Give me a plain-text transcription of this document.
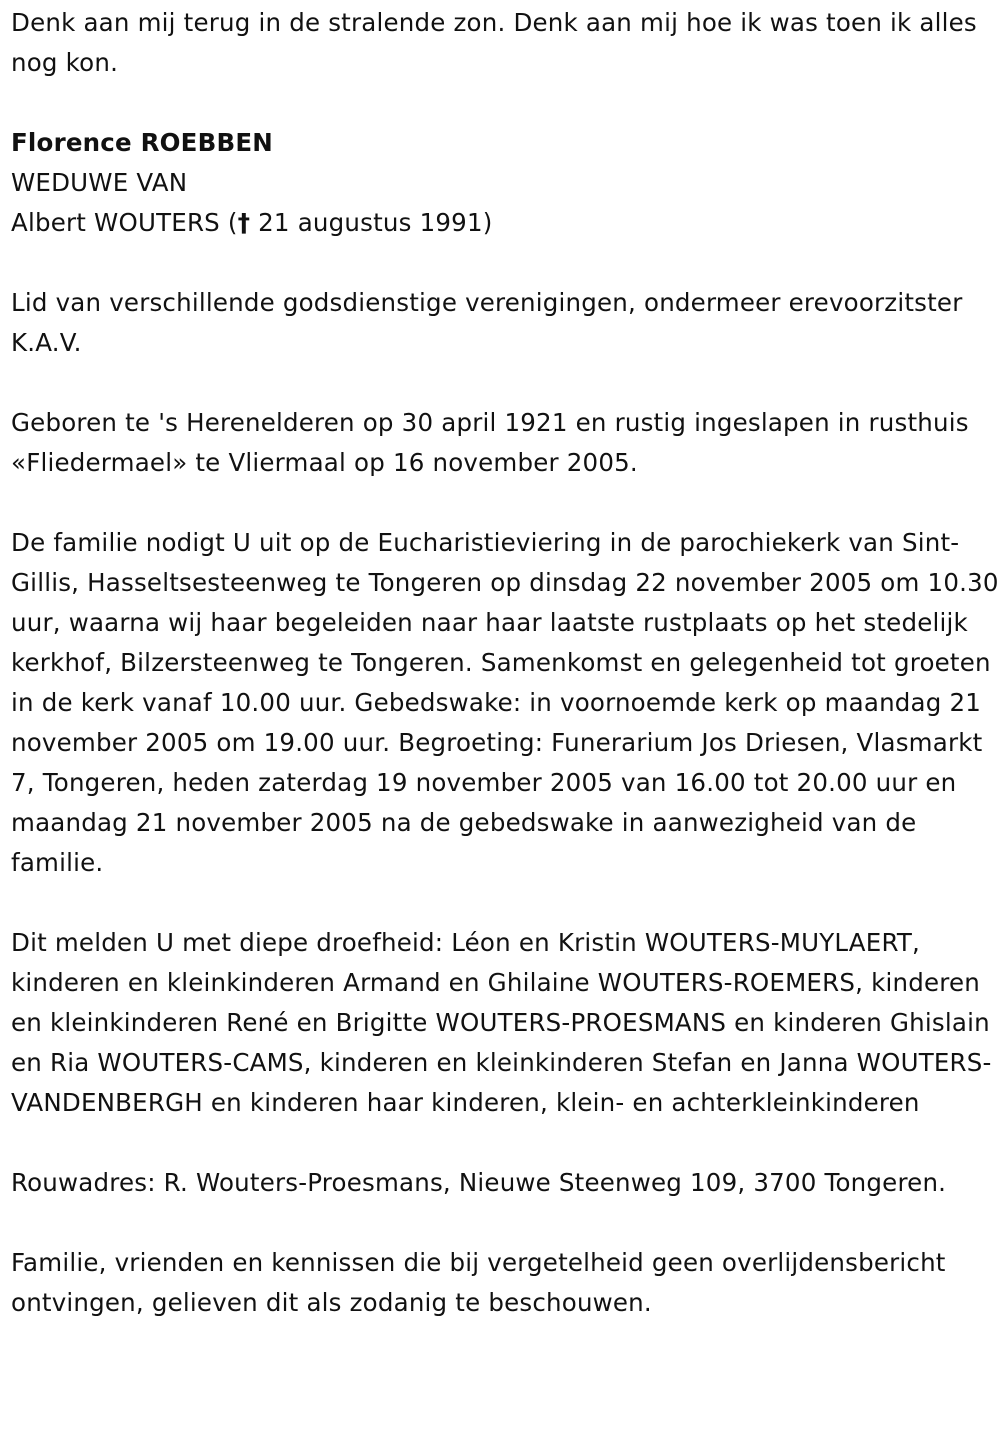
Denk aan mij terug in de stralende zon. Denk aan mij hoe ik was toen ik alles nog kon.

Florence ROEBBEN

WEDUWE VAN

Albert WOUTERS († 21 augustus 1991)

Lid van verschillende godsdienstige verenigingen, ondermeer erevoorzitster K.A.V.

Geboren te 's Herenelderen op 30 april 1921 en rustig ingeslapen in rusthuis «Fliedermael» te Vliermaal op 16 november 2005.

De familie nodigt U uit op de Eucharistieviering in de parochiekerk van Sint-Gillis, Hasseltsesteenweg te Tongeren op dinsdag 22 november 2005 om 10.30 uur, waarna wij haar begeleiden naar haar laatste rustplaats op het stedelijk kerkhof, Bilzersteenweg te Tongeren. Samenkomst en gelegenheid tot groeten in de kerk vanaf 10.00 uur. Gebedswake: in voornoemde kerk op maandag 21 november 2005 om 19.00 uur. Begroeting: Funerarium Jos Driesen, Vlasmarkt 7, Tongeren, heden zaterdag 19 november 2005 van 16.00 tot 20.00 uur en maandag 21 november 2005 na de gebedswake in aanwezigheid van de familie.

Dit melden U met diepe droefheid: Léon en Kristin WOUTERS-MUYLAERT, kinderen en kleinkinderen Armand en Ghilaine WOUTERS-ROEMERS, kinderen en kleinkinderen René en Brigitte WOUTERS-PROESMANS en kinderen Ghislain en Ria WOUTERS-CAMS, kinderen en kleinkinderen Stefan en Janna WOUTERS-VANDENBERGH en kinderen haar kinderen, klein- en achterkleinkinderen

Rouwadres: R. Wouters-Proesmans, Nieuwe Steenweg 109, 3700 Tongeren.

Familie, vrienden en kennissen die bij vergetelheid geen overlijdensbericht ontvingen, gelieven dit als zodanig te beschouwen.
